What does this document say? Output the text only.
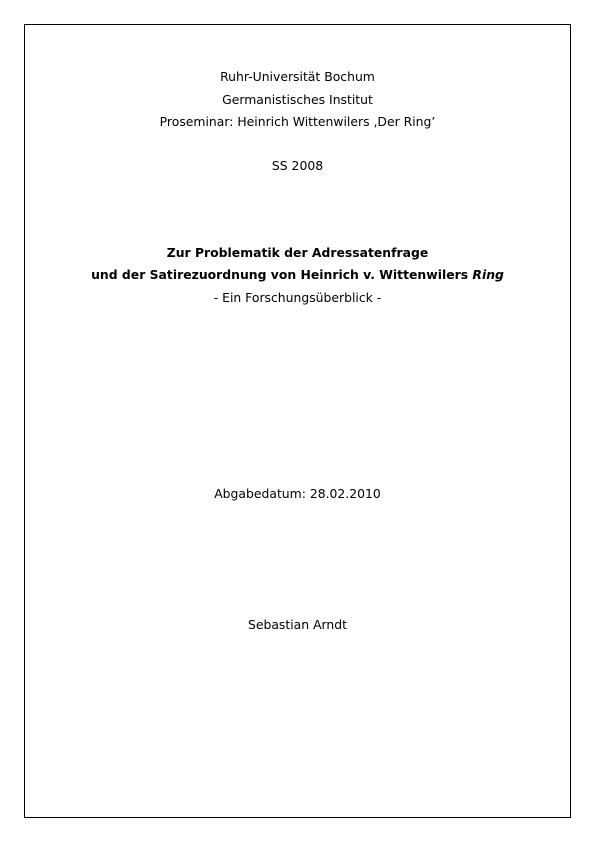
Ruhr-Universität Bochum
Germanistisches Institut
Proseminar: Heinrich Wittenwilers ‚Der Ring’
SS 2008
Zur Problematik der Adressatenfrage
und der Satirezuordnung von Heinrich v. Wittenwilers Ring
- Ein Forschungsüberblick -
Abgabedatum: 28.02.2010
Sebastian Arndt
